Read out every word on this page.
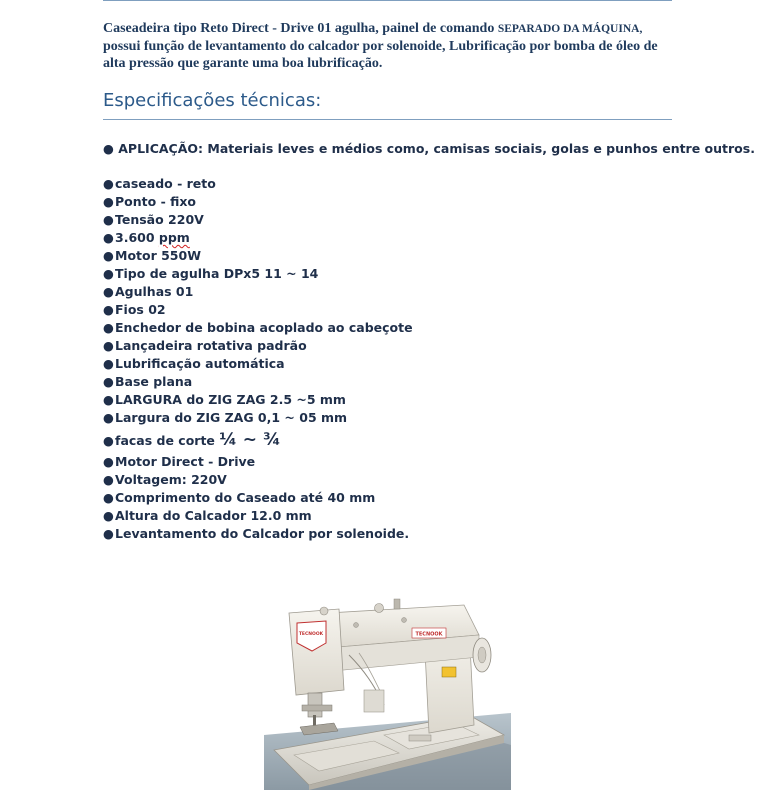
Caseadeira tipo Reto Direct - Drive 01 agulha, painel de comando SEPARADO DA MÁQUINA, possui função de levantamento do calcador por solenoide, Lubrificação por bomba de óleo de alta pressão que garante uma boa lubrificação.

Especificações técnicas:

● APLICAÇÃO: Materiais leves e médios como, camisas sociais, golas e punhos entre outros.

●caseado - reto
●Ponto - fixo
●Tensão 220V
●3.600 ppm
●Motor 550W
●Tipo de agulha DPx5 11 ~ 14
●Agulhas 01
●Fios 02
●Enchedor de bobina acoplado ao cabeçote
●Lançadeira rotativa padrão
●Lubrificação automática
●Base plana
●LARGURA do ZIG ZAG 2.5 ~5 mm
●Largura do ZIG ZAG 0,1 ~ 05 mm
●facas de corte ¼ ~ ¾
●Motor Direct - Drive
●Voltagem: 220V
●Comprimento do Caseado até 40 mm
●Altura do Calcador 12.0 mm
●Levantamento do Calcador por solenoide.
TECNOOK	TECNOOK
